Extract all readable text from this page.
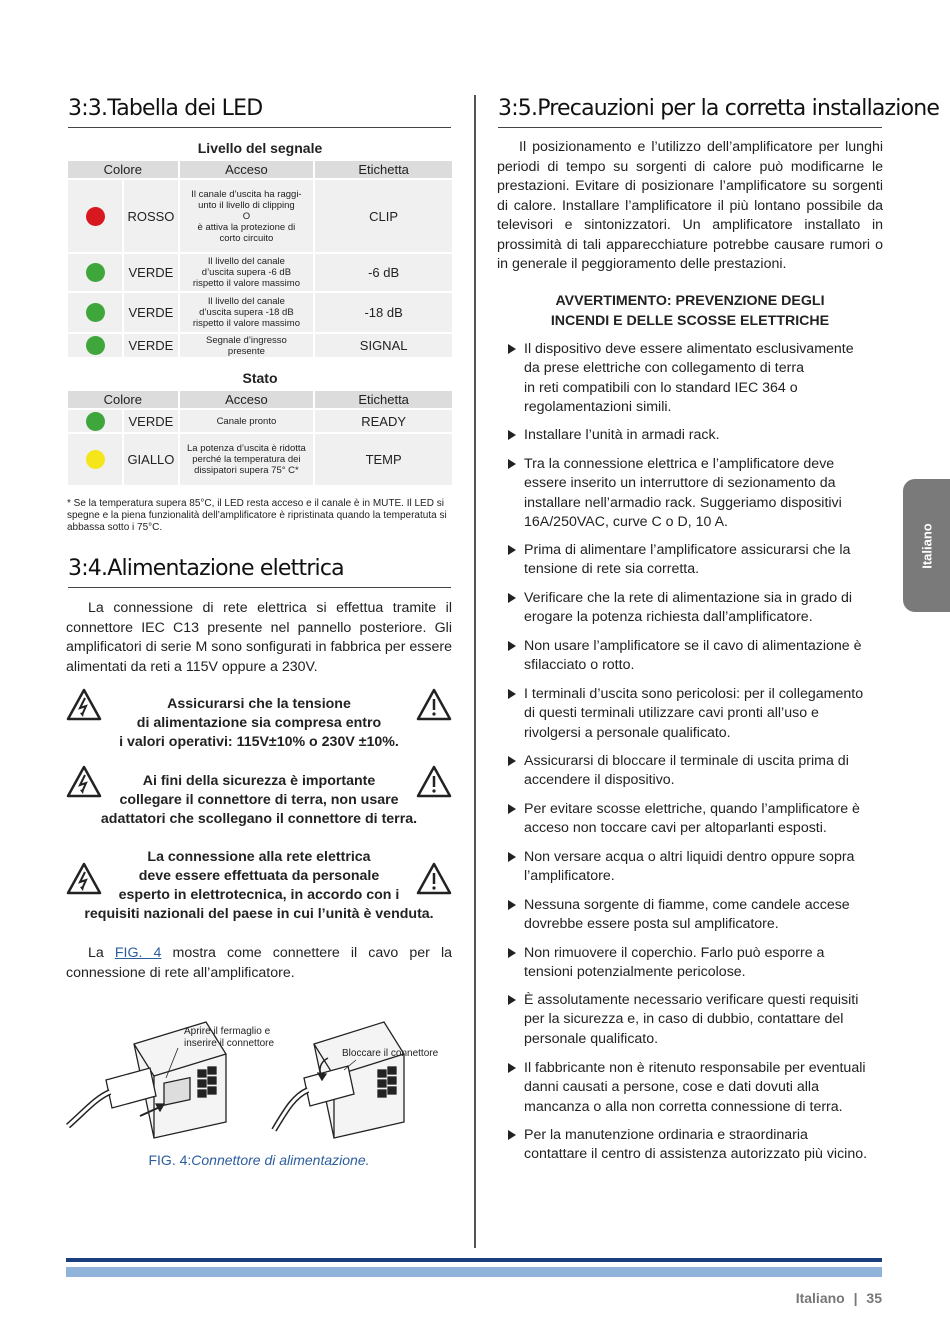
3:3.Tabella dei LED
Livello del segnale
Colore		Acceso	Etichetta
	ROSSO	Il canale d’uscita ha raggi-
unto il livello di clipping
O
è attiva la protezione di
corto circuito	CLIP
	VERDE	Il livello del canale
d’uscita supera -6 dB
rispetto il valore massimo	-6 dB
	VERDE	Il livello del canale
d’uscita supera -18 dB
rispetto il valore massimo	-18 dB
	VERDE	Segnale d’ingresso
presente	SIGNAL
Stato
Colore		Acceso	Etichetta
	VERDE	Canale pronto	READY
	GIALLO	La potenza d’uscita è ridotta
perché la temperatura dei
dissipatori supera 75° C*	TEMP
* Se la temperatura supera 85°C, il LED resta acceso e il canale è in MUTE. Il LED si spegne e la piena funzionalità dell’amplificatore è ripristinata quando la temperatuta si abbassa sotto i 75°C.
3:4.Alimentazione elettrica
La connessione di rete elettrica si effettua tramite il connettore IEC C13 presente nel pannello posteriore. Gli amplificatori di serie M sono sonfigurati in fabbrica per essere alimentati da reti a 115V oppure a 230V.
Assicurarsi che la tensione
di alimentazione sia compresa entro
i valori operativi: 115V±10% o 230V ±10%.
Ai fini della sicurezza è importante
collegare il connettore di terra, non usare
adattatori che scollegano il connettore di terra.
La connessione alla rete elettrica
deve essere effettuata da personale
esperto in elettrotecnica, in accordo con i
requisiti nazionali del paese in cui l’unità è venduta.
La FIG. 4 mostra come connettere il cavo per la connessione di rete all’amplificatore.
Aprire il fermaglio e
inserire il connettore
Bloccare il connettore
FIG. 4:Connettore di alimentazione.
3:5.Precauzioni per la corretta installazione
Il posizionamento e l’utilizzo dell’amplificatore per lunghi periodi di tempo su sorgenti di calore può modificarne le prestazioni. Evitare di posizionare l’amplificatore su sorgenti di calore. Installare l’amplificatore il più lontano possibile da televisori e sintonizzatori. Un amplificatore installato in prossimità di tali apparecchiature potrebbe causare rumori o in generale il peggioramento delle prestazioni.
AVVERTIMENTO: PREVENZIONE DEGLI
INCENDI E DELLE SCOSSE ELETTRICHE
Il dispositivo deve essere alimentato esclusivamente
da prese elettriche con collegamento di terra
in reti compatibili con lo standard IEC 364 o
regolamentazioni simili.
Installare l’unità in armadi rack.
Tra la connessione elettrica e l’amplificatore deve
essere inserito un interruttore di sezionamento da
installare nell’armadio rack. Suggeriamo dispositivi
16A/250VAC, curve C o D, 10 A.
Prima di alimentare l’amplificatore assicurarsi che la
tensione di rete sia corretta.
Verificare che la rete di alimentazione sia in grado di
erogare la potenza richiesta dall’amplificatore.
Non usare l’amplificatore se il cavo di alimentazione è
sfilacciato o rotto.
I terminali d’uscita sono pericolosi: per il collegamento
di questi terminali utilizzare cavi pronti all’uso e
rivolgersi a personale qualificato.
Assicurarsi di bloccare il terminale di uscita prima di
accendere il dispositivo.
Per evitare scosse elettriche, quando l’amplificatore è
acceso non toccare cavi per altoparlanti esposti.
Non versare acqua o altri liquidi dentro oppure sopra
l’amplificatore.
Nessuna sorgente di fiamme, come candele accese
dovrebbe essere posta sul amplificatore.
Non rimuovere il coperchio. Farlo può esporre a
tensioni potenzialmente pericolose.
È assolutamente necessario verificare questi requisiti
per la sicurezza e, in caso di dubbio, contattare del
personale qualificato.
Il fabbricante non è ritenuto responsabile per eventuali
danni causati a persone, cose e dati dovuti alla
mancanza o alla non corretta connessione di terra.
Per la manutenzione ordinaria e straordinaria
contattare il centro di assistenza autorizzato più vicino.
Italiano
Italiano | 35
